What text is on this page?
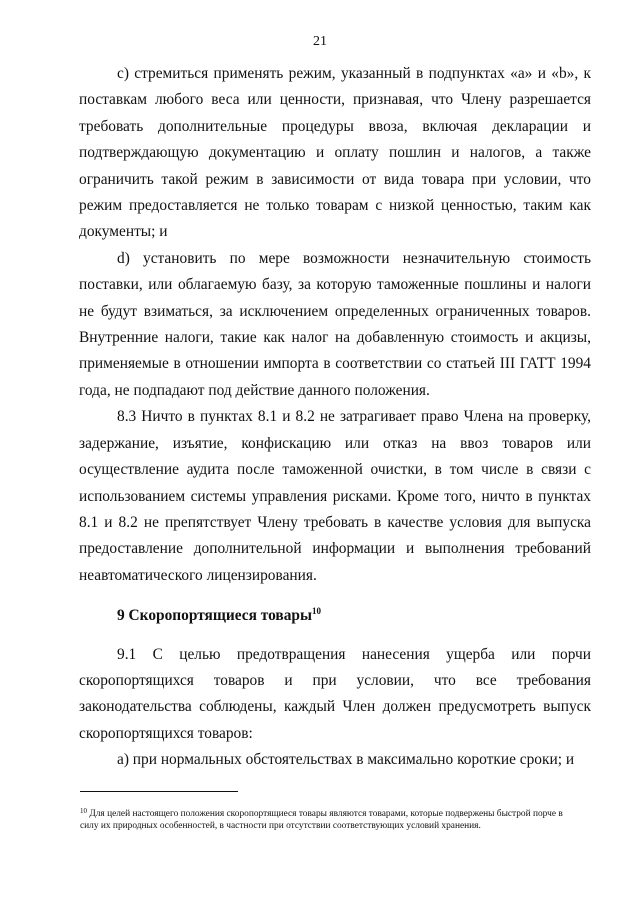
21

c) стремиться применять режим, указанный в подпунктах «a» и «b», к поставкам любого веса или ценности, признавая, что Члену разрешается требовать дополнительные процедуры ввоза, включая декларации и подтверждающую документацию и оплату пошлин и налогов, а также ограничить такой режим в зависимости от вида товара при условии, что режим предоставляется не только товарам с низкой ценностью, таким как документы; и

d) установить по мере возможности незначительную стоимость поставки, или облагаемую базу, за которую таможенные пошлины и налоги не будут взиматься, за исключением определенных ограниченных товаров. Внутренние налоги, такие как налог на добавленную стоимость и акцизы, применяемые в отношении импорта в соответствии со статьей III ГАТТ 1994 года, не подпадают под действие данного положения.

8.3 Ничто в пунктах 8.1 и 8.2 не затрагивает право Члена на проверку, задержание, изъятие, конфискацию или отказ на ввоз товаров или осуществление аудита после таможенной очистки, в том числе в связи с использованием системы управления рисками. Кроме того, ничто в пунктах 8.1 и 8.2 не препятствует Члену требовать в качестве условия для выпуска предоставление дополнительной информации и выполнения требований неавтоматического лицензирования.

9 Скоропортящиеся товары$^{10}$

9.1 С целью предотвращения нанесения ущерба или порчи скоропортящихся товаров и при условии, что все требования законодательства соблюдены, каждый Член должен предусмотреть выпуск скоропортящихся товаров:

a) при нормальных обстоятельствах в максимально короткие сроки; и

$^{10}$ Для целей настоящего положения скоропортящиеся товары являются товарами, которые подвержены быстрой порче в силу их природных особенностей, в частности при отсутствии соответствующих условий хранения.
